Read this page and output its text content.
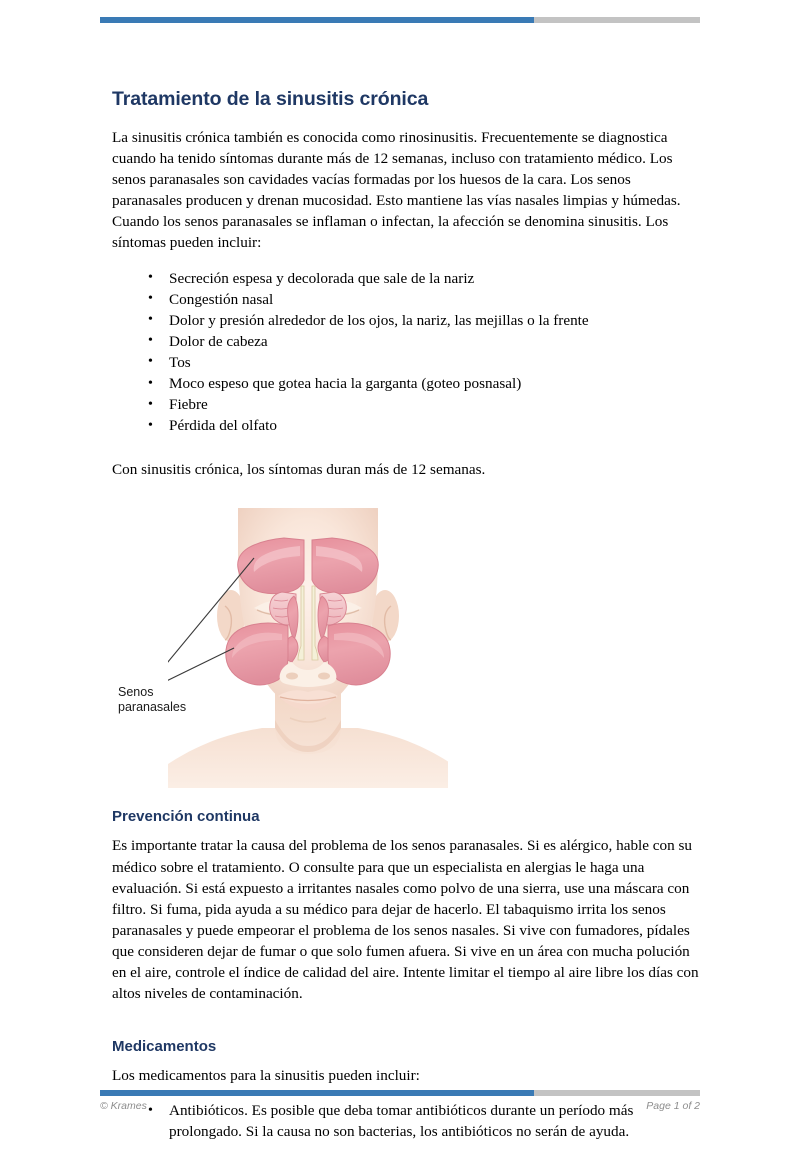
Tratamiento de la sinusitis crónica

La sinusitis crónica también es conocida como rinosinusitis. Frecuentemente se diagnostica cuando ha tenido síntomas durante más de 12 semanas, incluso con tratamiento médico. Los senos paranasales son cavidades vacías formadas por los huesos de la cara. Los senos paranasales producen y drenan mucosidad. Esto mantiene las vías nasales limpias y húmedas. Cuando los senos paranasales se inflaman o infectan, la afección se denomina sinusitis. Los síntomas pueden incluir:

• Secreción espesa y decolorada que sale de la nariz
• Congestión nasal
• Dolor y presión alrededor de los ojos, la nariz, las mejillas o la frente
• Dolor de cabeza
• Tos
• Moco espeso que gotea hacia la garganta (goteo posnasal)
• Fiebre
• Pérdida del olfato

Con sinusitis crónica, los síntomas duran más de 12 semanas.

Senos
paranasales
Prevención continua

Es importante tratar la causa del problema de los senos paranasales. Si es alérgico, hable con su médico sobre el tratamiento. O consulte para que un especialista en alergias le haga una evaluación. Si está expuesto a irritantes nasales como polvo de una sierra, use una máscara con filtro. Si fuma, pida ayuda a su médico para dejar de hacerlo. El tabaquismo irrita los senos paranasales y puede empeorar el problema de los senos nasales. Si vive con fumadores, pídales que consideren dejar de fumar o que solo fumen afuera. Si vive en un área con mucha polución en el aire, controle el índice de calidad del aire. Intente limitar el tiempo al aire libre los días con altos niveles de contaminación.

Medicamentos

Los medicamentos para la sinusitis pueden incluir:

• Antibióticos. Es posible que deba tomar antibióticos durante un período más prolongado. Si la causa no son bacterias, los antibióticos no serán de ayuda.
© Krames	Page 1 of 2
